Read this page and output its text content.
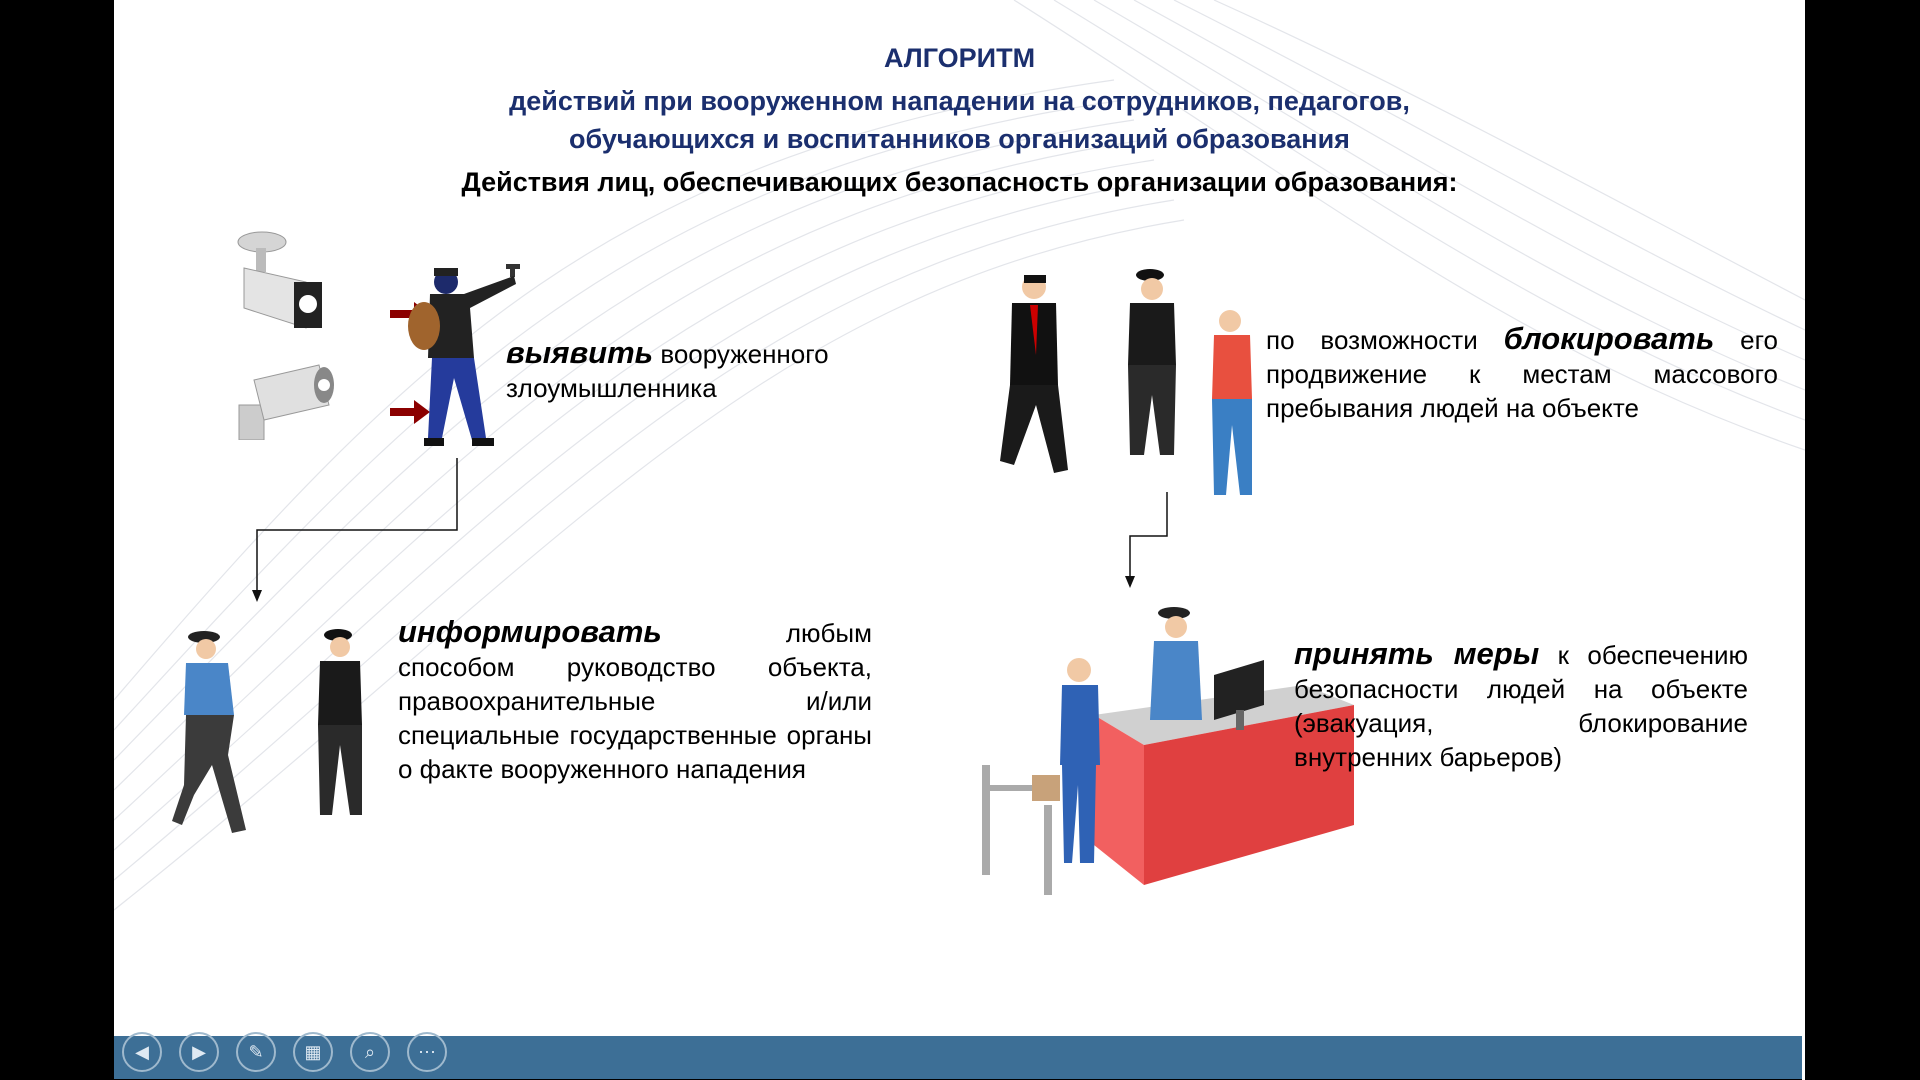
АЛГОРИТМ
действий при вооруженном нападении на сотрудников, педагогов,
обучающихся и воспитанников организаций образования
Действия лиц, обеспечивающих безопасность организации образования:
выявить вооруженного злоумышленника
информировать любым способом руководство объекта, правоохранительные и/или специальные государственные органы о факте вооруженного нападения
по возможности блокировать его продвижение к местам массового пребывания людей на объекте
принять меры к обеспечению безопасности людей на объекте (эвакуация, блокирование внутренних барьеров)
◀ ▶ ✎ ▦ ⌕ ⋯
